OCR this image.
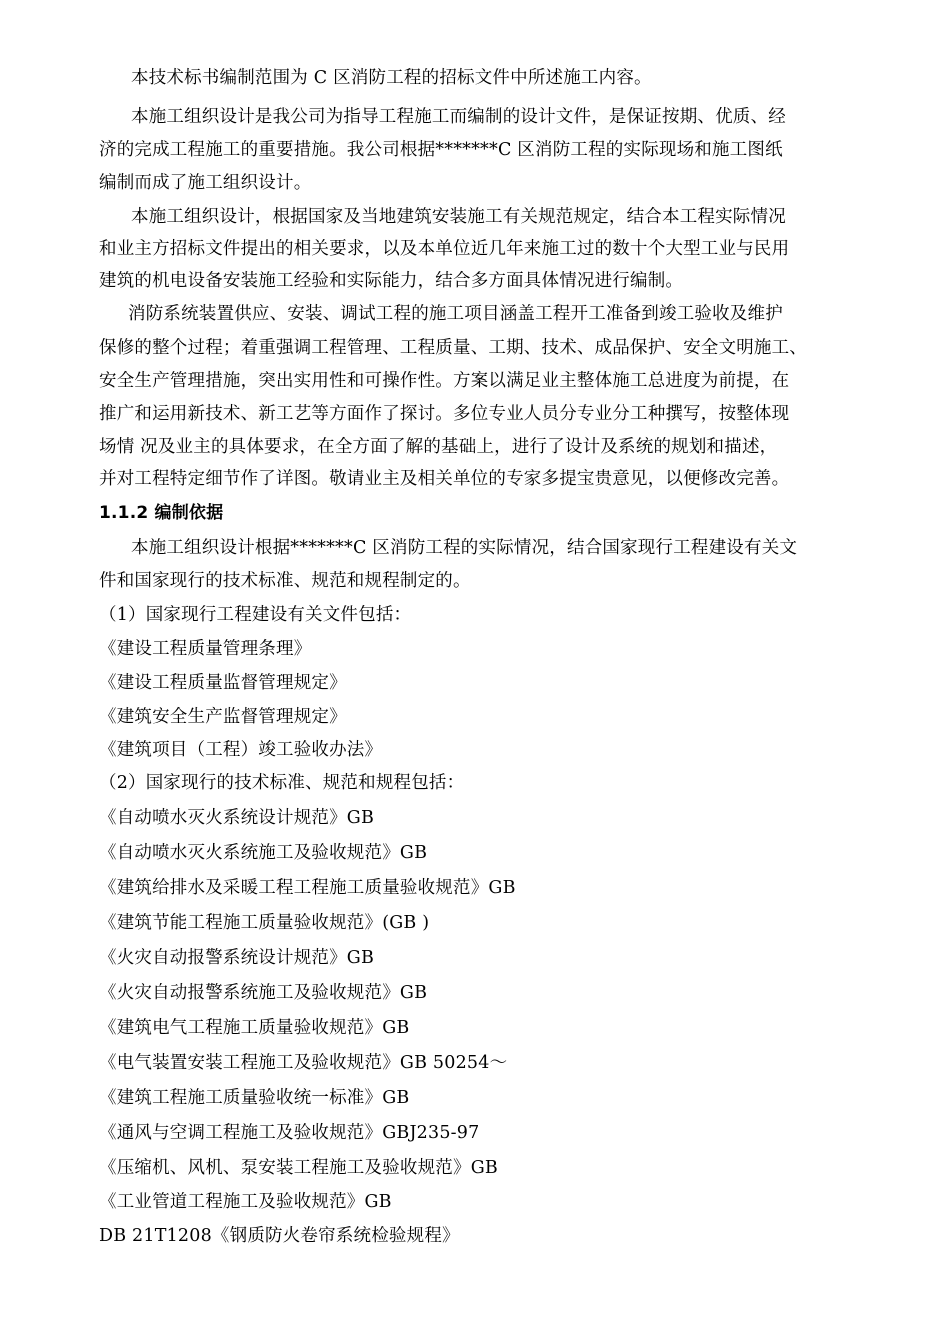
本技术标书编制范围为 C 区消防工程的招标文件中所述施工内容。
本施工组织设计是我公司为指导工程施工而编制的设计文件，是保证按期、优质、经
济的完成工程施工的重要措施。我公司根据*******C 区消防工程的实际现场和施工图纸
编制而成了施工组织设计。
本施工组织设计，根据国家及当地建筑安装施工有关规范规定，结合本工程实际情况
和业主方招标文件提出的相关要求，以及本单位近几年来施工过的数十个大型工业与民用
建筑的机电设备安装施工经验和实际能力，结合多方面具体情况进行编制。
消防系统装置供应、安装、调试工程的施工项目涵盖工程开工准备到竣工验收及维护
保修的整个过程；着重强调工程管理、工程质量、工期、技术、成品保护、安全文明施工、
安全生产管理措施，突出实用性和可操作性。方案以满足业主整体施工总进度为前提，在
推广和运用新技术、新工艺等方面作了探讨。多位专业人员分专业分工种撰写，按整体现
场情 况及业主的具体要求，在全方面了解的基础上，进行了设计及系统的规划和描述，
并对工程特定细节作了详图。敬请业主及相关单位的专家多提宝贵意见，以便修改完善。
1.1.2 编制依据
本施工组织设计根据*******C 区消防工程的实际情况，结合国家现行工程建设有关文
件和国家现行的技术标准、规范和规程制定的。
（1）国家现行工程建设有关文件包括：
《建设工程质量管理条理》
《建设工程质量监督管理规定》
《建筑安全生产监督管理规定》
《建筑项目（工程）竣工验收办法》
（2）国家现行的技术标准、规范和规程包括：
《自动喷水灭火系统设计规范》GB
《自动喷水灭火系统施工及验收规范》GB
《建筑给排水及采暖工程工程施工质量验收规范》GB
《建筑节能工程施工质量验收规范》(GB )
《火灾自动报警系统设计规范》GB
《火灾自动报警系统施工及验收规范》GB
《建筑电气工程施工质量验收规范》GB
《电气装置安装工程施工及验收规范》GB 50254～
《建筑工程施工质量验收统一标准》GB
《通风与空调工程施工及验收规范》GBJ235-97
《压缩机、风机、泵安装工程施工及验收规范》GB
《工业管道工程施工及验收规范》GB
DB 21T1208《钢质防火卷帘系统检验规程》
